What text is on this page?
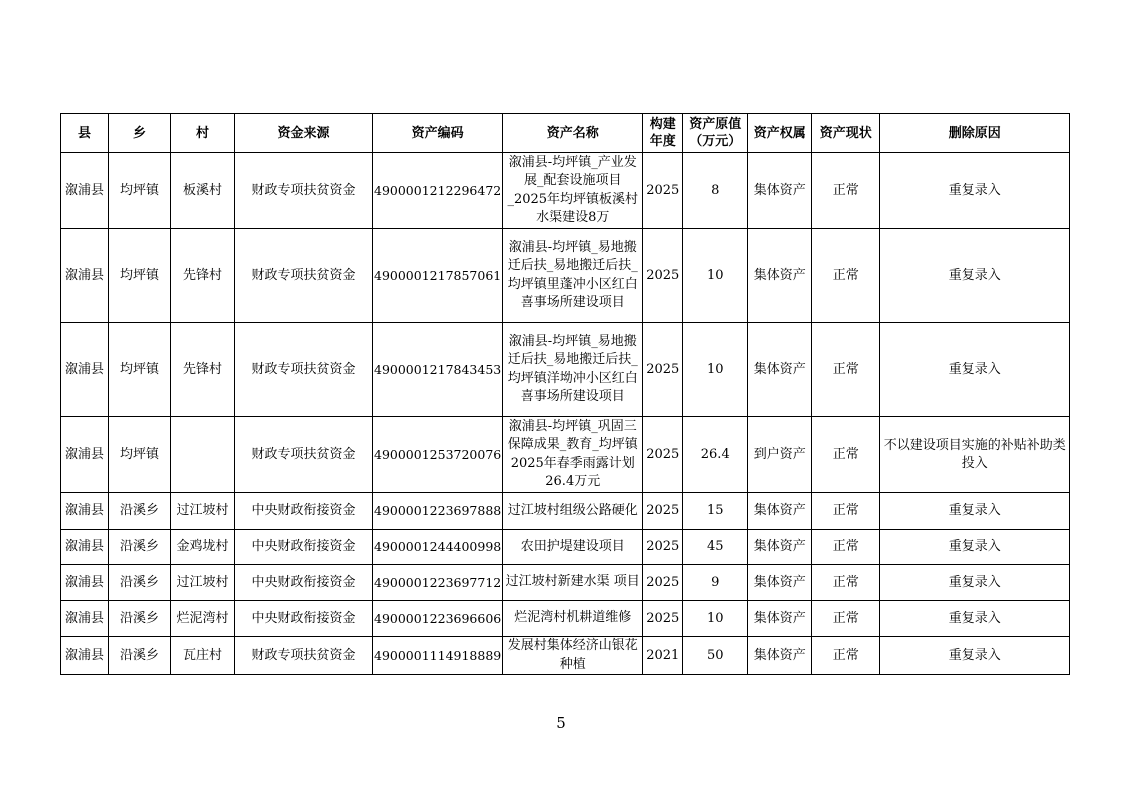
县	乡	村	资金来源	资产编码	资产名称	构建年度	资产原值（万元）	资产权属	资产现状	删除原因
溆浦县	均坪镇	板溪村	财政专项扶贫资金	4900001212296472	溆浦县-均坪镇_产业发展_配套设施项目_2025年均坪镇板溪村水渠建设8万	2025	8	集体资产	正常	重复录入
溆浦县	均坪镇	先锋村	财政专项扶贫资金	4900001217857061	溆浦县-均坪镇_易地搬迁后扶_易地搬迁后扶_均坪镇里蓬冲小区红白喜事场所建设项目	2025	10	集体资产	正常	重复录入
溆浦县	均坪镇	先锋村	财政专项扶贫资金	4900001217843453	溆浦县-均坪镇_易地搬迁后扶_易地搬迁后扶_均坪镇洋坳冲小区红白喜事场所建设项目	2025	10	集体资产	正常	重复录入
溆浦县	均坪镇		财政专项扶贫资金	4900001253720076	溆浦县-均坪镇_巩固三保障成果_教育_均坪镇2025年春季雨露计划26.4万元	2025	26.4	到户资产	正常	不以建设项目实施的补贴补助类投入
溆浦县	沿溪乡	过江坡村	中央财政衔接资金	4900001223697888	过江坡村组级公路硬化	2025	15	集体资产	正常	重复录入
溆浦县	沿溪乡	金鸡垅村	中央财政衔接资金	4900001244400998	农田护堤建设项目	2025	45	集体资产	正常	重复录入
溆浦县	沿溪乡	过江坡村	中央财政衔接资金	4900001223697712	过江坡村新建水渠 项目	2025	9	集体资产	正常	重复录入
溆浦县	沿溪乡	烂泥湾村	中央财政衔接资金	4900001223696606	烂泥湾村机耕道维修	2025	10	集体资产	正常	重复录入
溆浦县	沿溪乡	瓦庄村	财政专项扶贫资金	4900001114918889	发展村集体经济山银花种植	2021	50	集体资产	正常	重复录入
5
